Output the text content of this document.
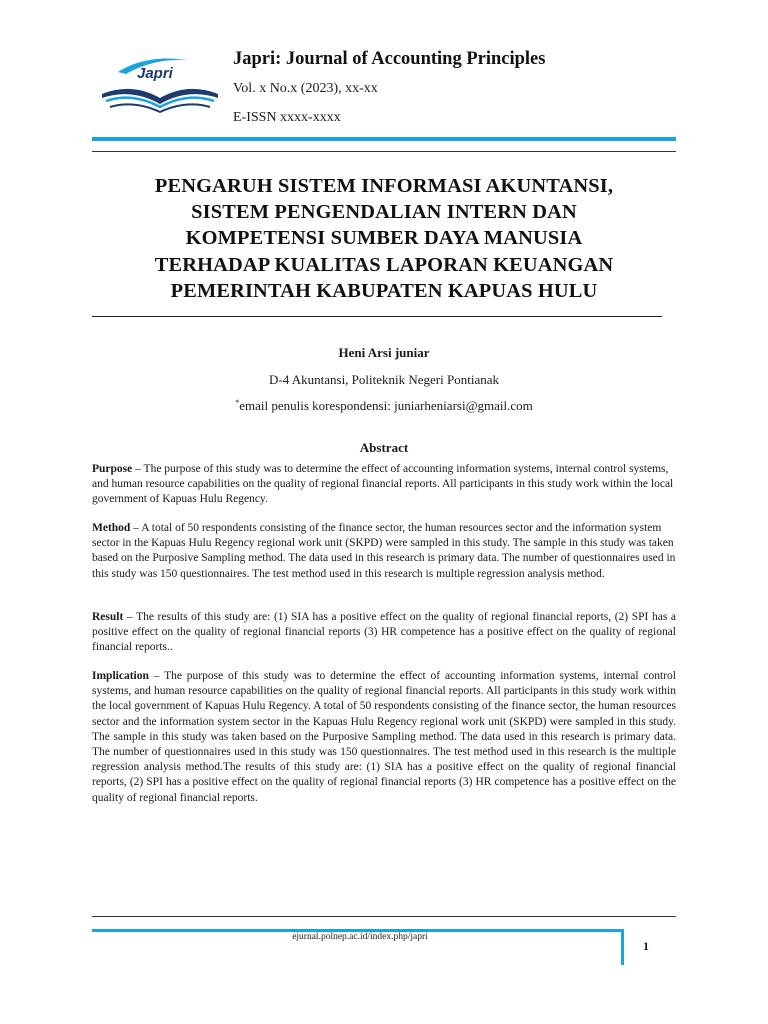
Japri
Japri: Journal of Accounting Principles
Vol. x No.x (2023), xx-xx
E-ISSN xxxx-xxxx
PENGARUH SISTEM INFORMASI AKUNTANSI,
SISTEM PENGENDALIAN INTERN DAN
KOMPETENSI SUMBER DAYA MANUSIA
TERHADAP KUALITAS LAPORAN KEUANGAN
PEMERINTAH KABUPATEN KAPUAS HULU
Heni Arsi juniar
D-4 Akuntansi, Politeknik Negeri Pontianak
*email penulis korespondensi: juniarheniarsi@gmail.com
Abstract

Purpose – The purpose of this study was to determine the effect of accounting information systems, internal control systems, and human resource capabilities on the quality of regional financial reports. All participants in this study work within the local government of Kapuas Hulu Regency.

Method – A total of 50 respondents consisting of the finance sector, the human resources sector and the information system sector in the Kapuas Hulu Regency regional work unit (SKPD) were sampled in this study. The sample in this study was taken based on the Purposive Sampling method. The data used in this research is primary data. The number of questionnaires used in this study was 150 questionnaires. The test method used in this research is multiple regression analysis method.

Result – The results of this study are: (1) SIA has a positive effect on the quality of regional financial reports, (2) SPI has a positive effect on the quality of regional financial reports (3) HR competence has a positive effect on the quality of regional financial reports..

Implication – The purpose of this study was to determine the effect of accounting information systems, internal control systems, and human resource capabilities on the quality of regional financial reports. All participants in this study work within the local government of Kapuas Hulu Regency. A total of 50 respondents consisting of the finance sector, the human resources sector and the information system sector in the Kapuas Hulu Regency regional work unit (SKPD) were sampled in this study. The sample in this study was taken based on the Purposive Sampling method. The data used in this research is primary data. The number of questionnaires used in this study was 150 questionnaires. The test method used in this research is the multiple regression analysis method.The results of this study are: (1) SIA has a positive effect on the quality of regional financial reports, (2) SPI has a positive effect on the quality of regional financial reports (3) HR competence has a positive effect on the quality of regional financial reports.

ejurnal.polnep.ac.id/index.php/japri
1
